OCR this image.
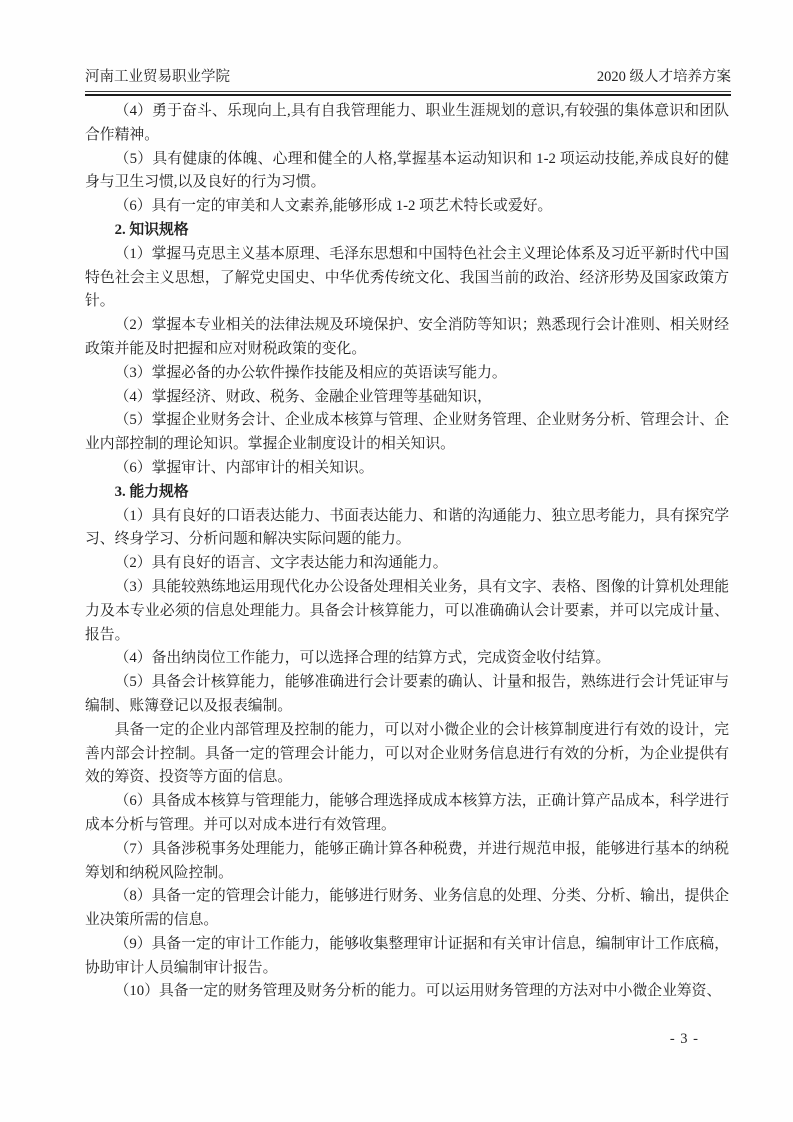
河南工业贸易职业学院	2020 级人才培养方案

（4）勇于奋斗、乐现向上,具有自我管理能力、职业生涯规划的意识,有较强的集体意识和团队合作精神。

（5）具有健康的体魄、心理和健全的人格,掌握基本运动知识和 1-2 项运动技能,养成良好的健身与卫生习惯,以及良好的行为习惯。

（6）具有一定的审美和人文素养,能够形成 1-2 项艺术特长或爱好。

2. 知识规格

（1）掌握马克思主义基本原理、毛泽东思想和中国特色社会主义理论体系及习近平新时代中国特色社会主义思想，了解党史国史、中华优秀传统文化、我国当前的政治、经济形势及国家政策方针。

（2）掌握本专业相关的法律法规及环境保护、安全消防等知识；熟悉现行会计准则、相关财经政策并能及时把握和应对财税政策的变化。

（3）掌握必备的办公软件操作技能及相应的英语读写能力。

（4）掌握经济、财政、税务、金融企业管理等基础知识，

（5）掌握企业财务会计、企业成本核算与管理、企业财务管理、企业财务分析、管理会计、企业内部控制的理论知识。掌握企业制度设计的相关知识。

（6）掌握审计、内部审计的相关知识。

3. 能力规格

（1）具有良好的口语表达能力、书面表达能力、和谐的沟通能力、独立思考能力，具有探究学习、终身学习、分析问题和解决实际问题的能力。

（2）具有良好的语言、文字表达能力和沟通能力。

（3）具能较熟练地运用现代化办公设备处理相关业务，具有文字、表格、图像的计算机处理能力及本专业必须的信息处理能力。具备会计核算能力，可以准确确认会计要素，并可以完成计量、报告。

（4）备出纳岗位工作能力，可以选择合理的结算方式，完成资金收付结算。

（5）具备会计核算能力，能够准确进行会计要素的确认、计量和报告，熟练进行会计凭证审与编制、账簿登记以及报表编制。

具备一定的企业内部管理及控制的能力，可以对小微企业的会计核算制度进行有效的设计，完善内部会计控制。具备一定的管理会计能力，可以对企业财务信息进行有效的分析，为企业提供有效的筹资、投资等方面的信息。

（6）具备成本核算与管理能力，能够合理选择成成本核算方法，正确计算产品成本，科学进行成本分析与管理。并可以对成本进行有效管理。

（7）具备涉税事务处理能力，能够正确计算各种税费，并进行规范申报，能够进行基本的纳税筹划和纳税风险控制。

（8）具备一定的管理会计能力，能够进行财务、业务信息的处理、分类、分析、输出，提供企业决策所需的信息。

（9）具备一定的审计工作能力，能够收集整理审计证据和有关审计信息，编制审计工作底稿，协助审计人员编制审计报告。

（10）具备一定的财务管理及财务分析的能力。可以运用财务管理的方法对中小微企业筹资、

- 3 -
